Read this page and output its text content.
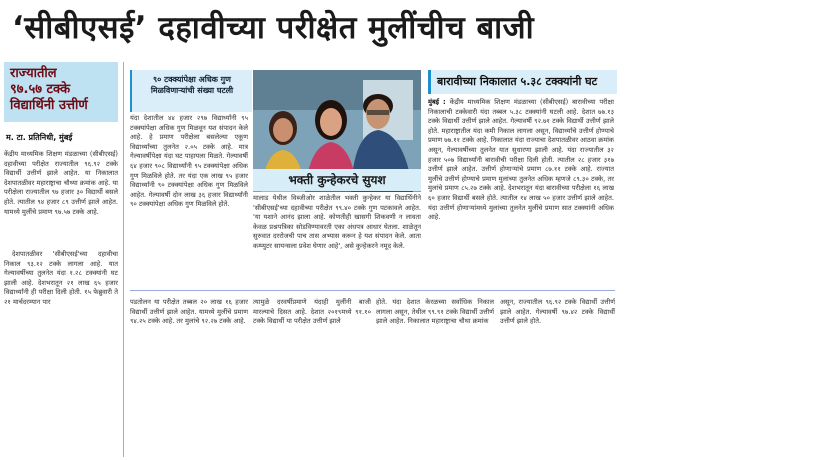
‘सीबीएसई’ दहावीच्या परीक्षेत मुलींचीच बाजी
राज्यातील
९७.५७ टक्के
विद्यार्थिनी उत्तीर्ण
म. टा. प्रतिनिधी, मुंबई
केंद्रीय माध्यमिक शिक्षण मंडळाच्या (सीबीएसई) दहावीच्या परीक्षेत राज्यातील ९६.९२ टक्के विद्यार्थी उत्तीर्ण झाले आहेत. या निकालात देशपातळीवर महाराष्ट्राचा चौथ्या क्रमांक आहे. या परीक्षेला राज्यातील ९७ हजार ३० विद्यार्थी बसले होते. त्यातील ९४ हजार ८९ उत्तीर्ण झाले आहेत. यामध्ये मुलींचे प्रमाण ९७.५७ टक्के आहे.
देशपातळीवर 'सीबीएसई'च्या दहावीचा निकाल ९३.१२ टक्के लागला आहे. यात गेल्यावर्षीच्या तुलनेत यंदा १.२८ टक्क्यांनी घट झाली आहे. देशभरातून २१ लाख ६५ हजार विद्यार्थ्यांनी ही परीक्षा दिली होती. १५ फेब्रुवारी ते २१ मार्चदरम्यान पार
९० टक्क्यांपेक्षा अधिक गुण मिळविणाऱ्यांची संख्या घटली
यंदा देशातील ४४ हजार २९७ विद्यार्थ्यांनी ९५ टक्क्यांपेक्षा अधिक गुण मिळवून यश संपादन केले आहे. हे प्रमाण परीक्षेला बसलेल्या एकूण विद्यार्थ्यांच्या तुलनेत २.०५ टक्के आहे. मात्र गेल्यावर्षीपेक्षा यंदा घट पाहायला मिळते. गेल्यावर्षी ६४ हजार ९०८ विद्यार्थ्यांनी ९५ टक्क्यांपेक्षा अधिक गुण मिळविले होते. तर यंदा एक लाख ९५ हजार विद्यार्थ्यांनी ९० टक्क्यांपेक्षा अधिक गुण मिळविले आहेत. गेल्यावर्षी दोन लाख ३६ हजार विद्यार्थ्यांनी ९० टक्क्यांपेक्षा अधिक गुण मिळविले होते.
भक्ती कुन्हेकरचे सुयश
मालाड येथील विब्जीओर शाळेतील भक्ती कुन्हेकर या विद्यार्थिनीने 'सीबीएसई'च्या दहावीच्या परीक्षेत ९९.४० टक्के गुण पटकावले आहेत. 'या यशाने आनंद झाला आहे. कोणतीही खासगी शिकवणी न लावता केवळ प्रश्नपत्रिका सोडविण्यावरती एका अंधपत्र आधार घेतला. शाळेतून सुरुवात दररोजची पाच तास अभ्यास करून हे यश संपादन केले. आता कम्प्युटर सायन्सला प्रवेश घेणार आहे', असे कुन्हेकरने नमूद केले.
बारावीच्या निकालात ५.३८ टक्क्यांनी घट
मुंबई : केंद्रीय माध्यमिक शिक्षण मंडळाच्या (सीबीएसई) बारावीच्या परीक्षा निकालाची टक्केवारी यंदा तब्बल ५.३८ टक्क्यांनी घटली आहे. देशात ७७.१३ टक्के विद्यार्थी उत्तीर्ण झाले आहेत. गेल्यावर्षी ९२.७१ टक्के विद्यार्थी उत्तीर्ण झाले होते. महाराष्ट्रातील यंदा कमी निकाल लागला असून, विद्यार्थ्यांचे उत्तीर्ण होण्याचे प्रमाण ७७.११ टक्के आहे. निकालात यंदा राज्याचा देशपातळीवर आठवा क्रमांक असून, गेल्यावर्षीच्या तुलनेत यात सुधारणा झाली आहे. यंदा राज्यातील ३२ हजार ५०७ विद्यार्थ्यांनी बारावीची परीक्षा दिली होती. त्यातील २८ हजार ३१७ उत्तीर्ण झाले आहेत. उत्तीर्ण होणाऱ्यांचे प्रमाण ८७.११ टक्के आहे. राज्यात मुलींचे उत्तीर्ण होण्याचे प्रमाण मुलांच्या तुलनेत अधिक म्हणजे ८९.३० टक्के, तर मुलांचे प्रमाण ८५.२७ टक्के आहे. देशभरातून यंदा बारावीच्या परीक्षेला १६ लाख ६० हजार विद्यार्थी बसले होते. त्यातील १४ लाख ५० हजार उत्तीर्ण झाले आहेत. यंदा उत्तीर्ण होणाऱ्यांमध्ये मुलांच्या तुलनेत मुलींचे प्रमाण सात टक्क्यांनी अधिक आहे.
पडतोलन या परीक्षेत तब्बल २० लाख १६ हजार विद्यार्थी उत्तीर्ण झाले आहेत. यामध्ये मुलींचे प्रमाण ९४.२५ टक्के आहे. तर मुलांचे ९२.२७ टक्के आहे.
त्यामुळे दरवर्षीप्रमाणे यंदाही मुलींनी बाजी मारल्याचे दिसत आहे. देशात २०१९मध्ये ९१.१० टक्के विद्यार्थी या परीक्षेत उत्तीर्ण झाले
होते. यंदा देशात केरळच्या सर्वाधिक निकाल लागला असून, तेथील ९९.९१ टक्के विद्यार्थी उत्तीर्ण झाले आहेत. निकालात महाराष्ट्राचा चौथा क्रमांक
असून, राज्यातील ९६.९२ टक्के विद्यार्थी उत्तीर्ण झाले आहेत. गेल्यावर्षी ९७.४२ टक्के विद्यार्थी उत्तीर्ण झाले होते.
